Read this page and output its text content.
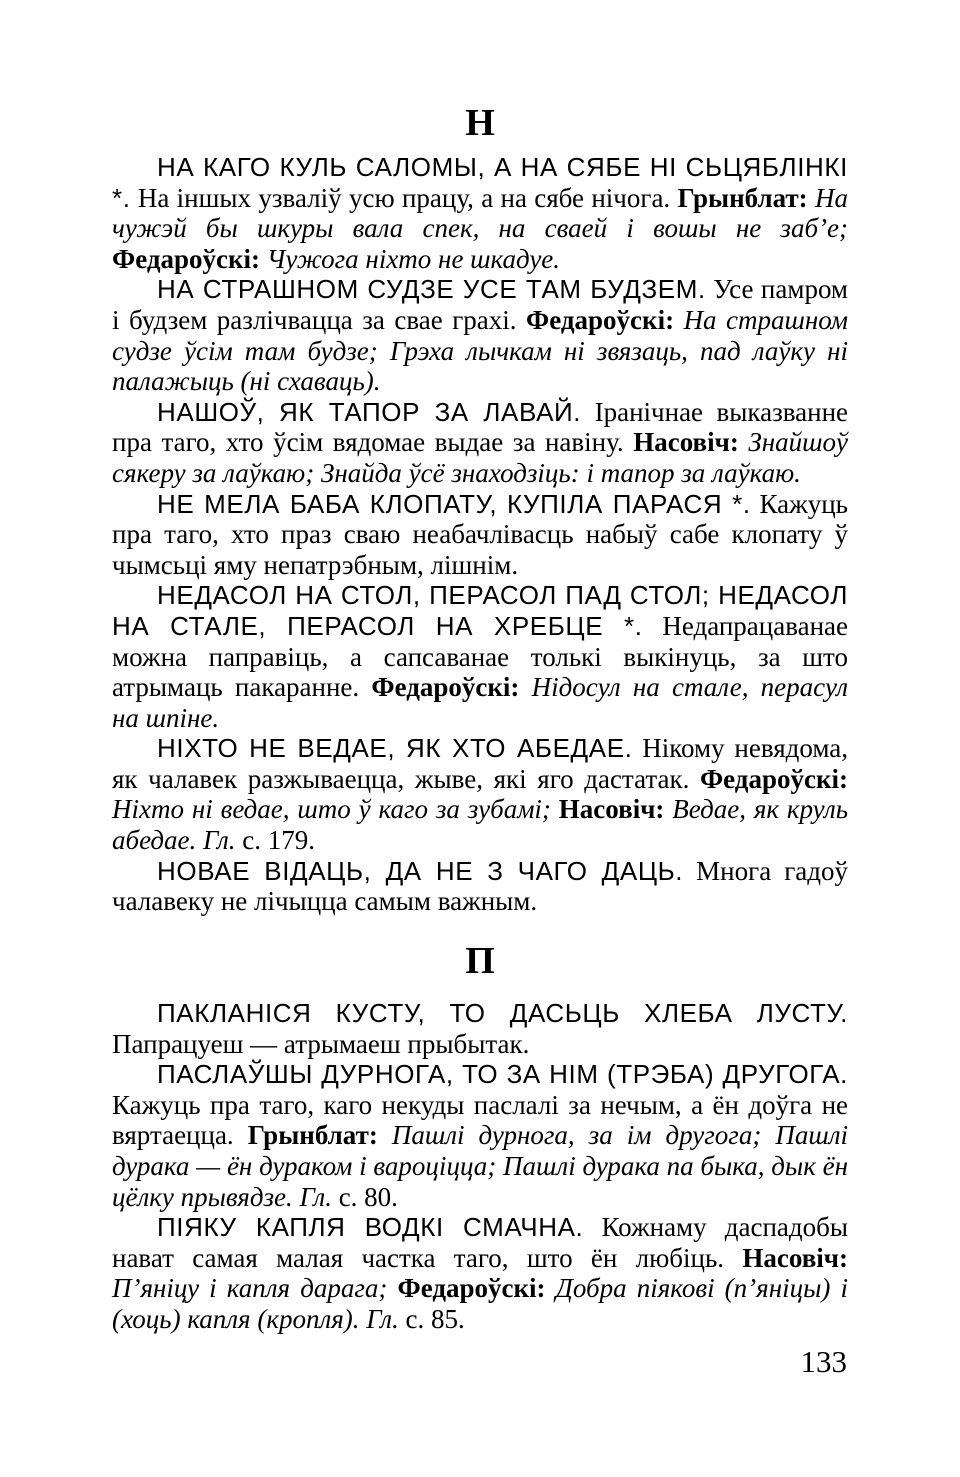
Н

НА КАГО КУЛЬ САЛОМЫ, А НА СЯБЕ НІ СЬЦЯБЛІНКІ *. На іншых узваліў усю працу, а на сябе нічога. Грынблат: На чужэй бы шкуры вала спек, на сваей і вошы не заб’е; Федароўскі: Чужога ніхто не шкадуе.

НА СТРАШНОМ СУДЗЕ УСЕ ТАМ БУДЗЕМ. Усе памром і будзем разлічвацца за свае грахі. Федароўскі: На страшном судзе ўсім там будзе; Грэха лычкам ні звязаць, пад лаўку ні палажыць (ні схаваць).

НАШОЎ, ЯК ТАПОР ЗА ЛАВАЙ. Іранічнае выказванне пра таго, хто ўсім вядомае выдае за навіну. Насовіч: Знайшоў сякеру за лаўкаю; Знайда ўсё знаходзіць: і тапор за лаўкаю.

НЕ МЕЛА БАБА КЛОПАТУ, КУПІЛА ПАРАСЯ *. Кажуць пра таго, хто праз сваю неабачлівасць набыў сабе клопату ў чымсьці яму непатрэбным, лішнім.

НЕДАСОЛ НА СТОЛ, ПЕРАСОЛ ПАД СТОЛ; НЕДАСОЛ НА СТАЛЕ, ПЕРАСОЛ НА ХРЕБЦЕ *. Недапрацаванае можна паправіць, а сапсаванае толькі выкінуць, за што атрымаць пакаранне. Федароўскі: Нідосул на стале, перасул на шпіне.

НІХТО НЕ ВЕДАЕ, ЯК ХТО АБЕДАЕ. Нікому невядома, як чалавек разжываецца, жыве, які яго дастатак. Федароўскі: Ніхто ні ведае, што ў каго за зубамі; Насовіч: Ведае, як круль абедае. Гл. с. 179.

НОВАЕ ВІДАЦЬ, ДА НЕ З ЧАГО ДАЦЬ. Многа гадоў чалавеку не лічыцца самым важным.

П

ПАКЛАНІСЯ КУСТУ, ТО ДАСЬЦЬ ХЛЕБА ЛУСТУ. Папрацуеш — атрымаеш прыбытак.

ПАСЛАЎШЫ ДУРНОГА, ТО ЗА НІМ (ТРЭБА) ДРУГОГА. Кажуць пра таго, каго некуды паслалі за нечым, а ён доўга не вяртаецца. Грынблат: Пашлі дурнога, за ім другога; Пашлі дурака — ён дураком і вароціцца; Пашлі дурака па быка, дык ён цёлку прывядзе. Гл. с. 80.

ПІЯКУ КАПЛЯ ВОДКІ СМАЧНА. Кожнаму даспадобы нават самая малая частка таго, што ён любіць. Насовіч: П’яніцу і капля дарага; Федароўскі: Добра піякові (п’яніцы) і (хоць) капля (кропля). Гл. с. 85.

133
